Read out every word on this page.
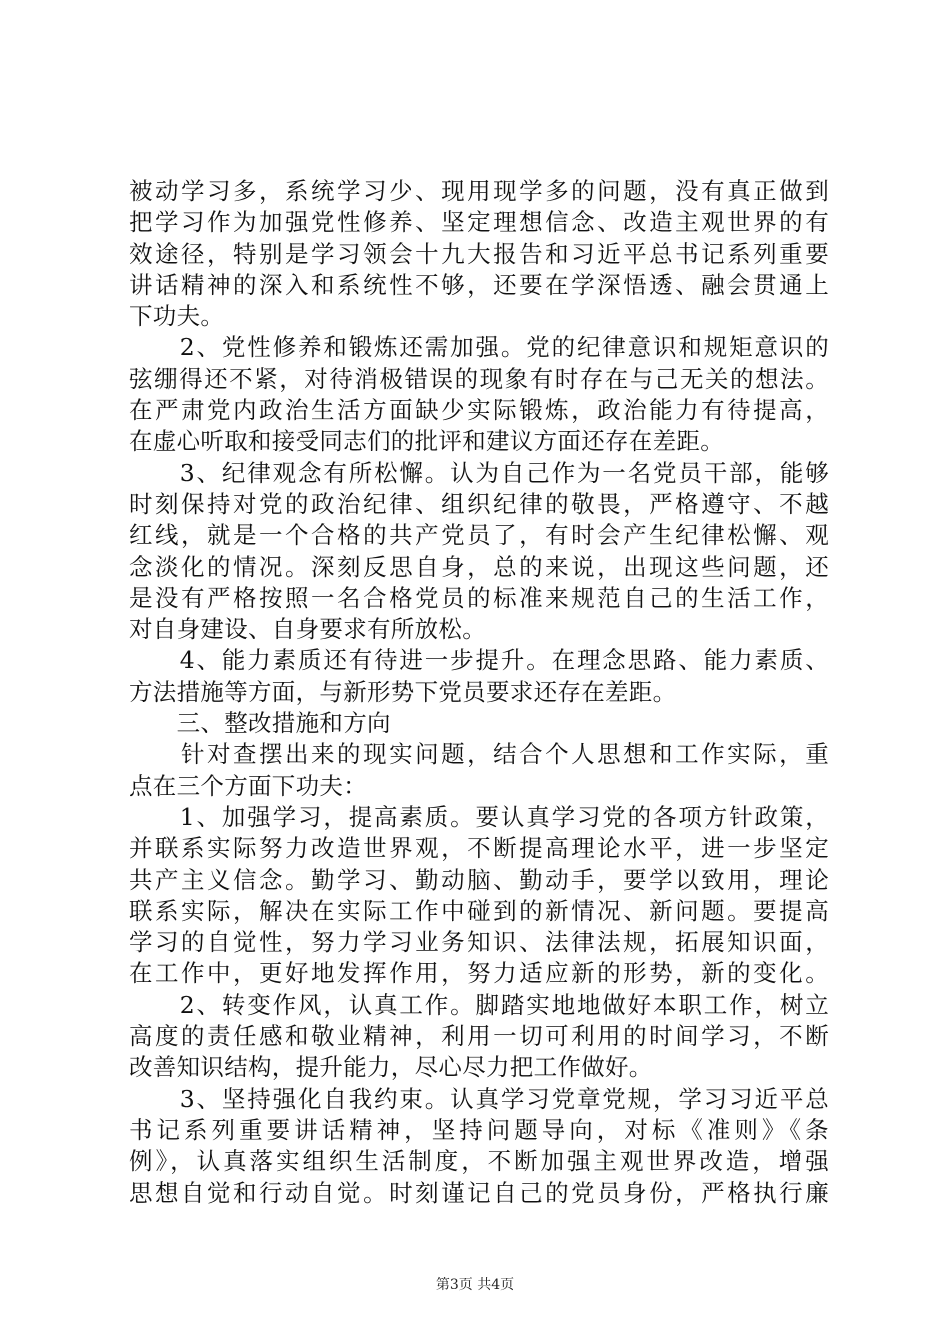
被动学习多，系统学习少、现用现学多的问题，没有真正做到
把学习作为加强党性修养、坚定理想信念、改造主观世界的有
效途径，特别是学习领会十九大报告和习近平总书记系列重要
讲话精神的深入和系统性不够，还要在学深悟透、融会贯通上
下功夫。
　　2、党性修养和锻炼还需加强。党的纪律意识和规矩意识的
弦绷得还不紧，对待消极错误的现象有时存在与己无关的想法。
在严肃党内政治生活方面缺少实际锻炼，政治能力有待提高，
在虚心听取和接受同志们的批评和建议方面还存在差距。
　　3、纪律观念有所松懈。认为自己作为一名党员干部，能够
时刻保持对党的政治纪律、组织纪律的敬畏，严格遵守、不越
红线，就是一个合格的共产党员了，有时会产生纪律松懈、观
念淡化的情况。深刻反思自身，总的来说，出现这些问题，还
是没有严格按照一名合格党员的标准来规范自己的生活工作，
对自身建设、自身要求有所放松。
　　4、能力素质还有待进一步提升。在理念思路、能力素质、
方法措施等方面，与新形势下党员要求还存在差距。
　　三、整改措施和方向
　　针对查摆出来的现实问题，结合个人思想和工作实际，重
点在三个方面下功夫：
　　1、加强学习，提高素质。要认真学习党的各项方针政策，
并联系实际努力改造世界观，不断提高理论水平，进一步坚定
共产主义信念。勤学习、勤动脑、勤动手，要学以致用，理论
联系实际，解决在实际工作中碰到的新情况、新问题。要提高
学习的自觉性，努力学习业务知识、法律法规，拓展知识面，
在工作中，更好地发挥作用，努力适应新的形势，新的变化。
　　2、转变作风，认真工作。脚踏实地地做好本职工作，树立
高度的责任感和敬业精神，利用一切可利用的时间学习，不断
改善知识结构，提升能力，尽心尽力把工作做好。
　　3、坚持强化自我约束。认真学习党章党规，学习习近平总
书记系列重要讲话精神，坚持问题导向，对标《准则》《条
例》，认真落实组织生活制度，不断加强主观世界改造，增强
思想自觉和行动自觉。时刻谨记自己的党员身份，严格执行廉
第3页 共4页
